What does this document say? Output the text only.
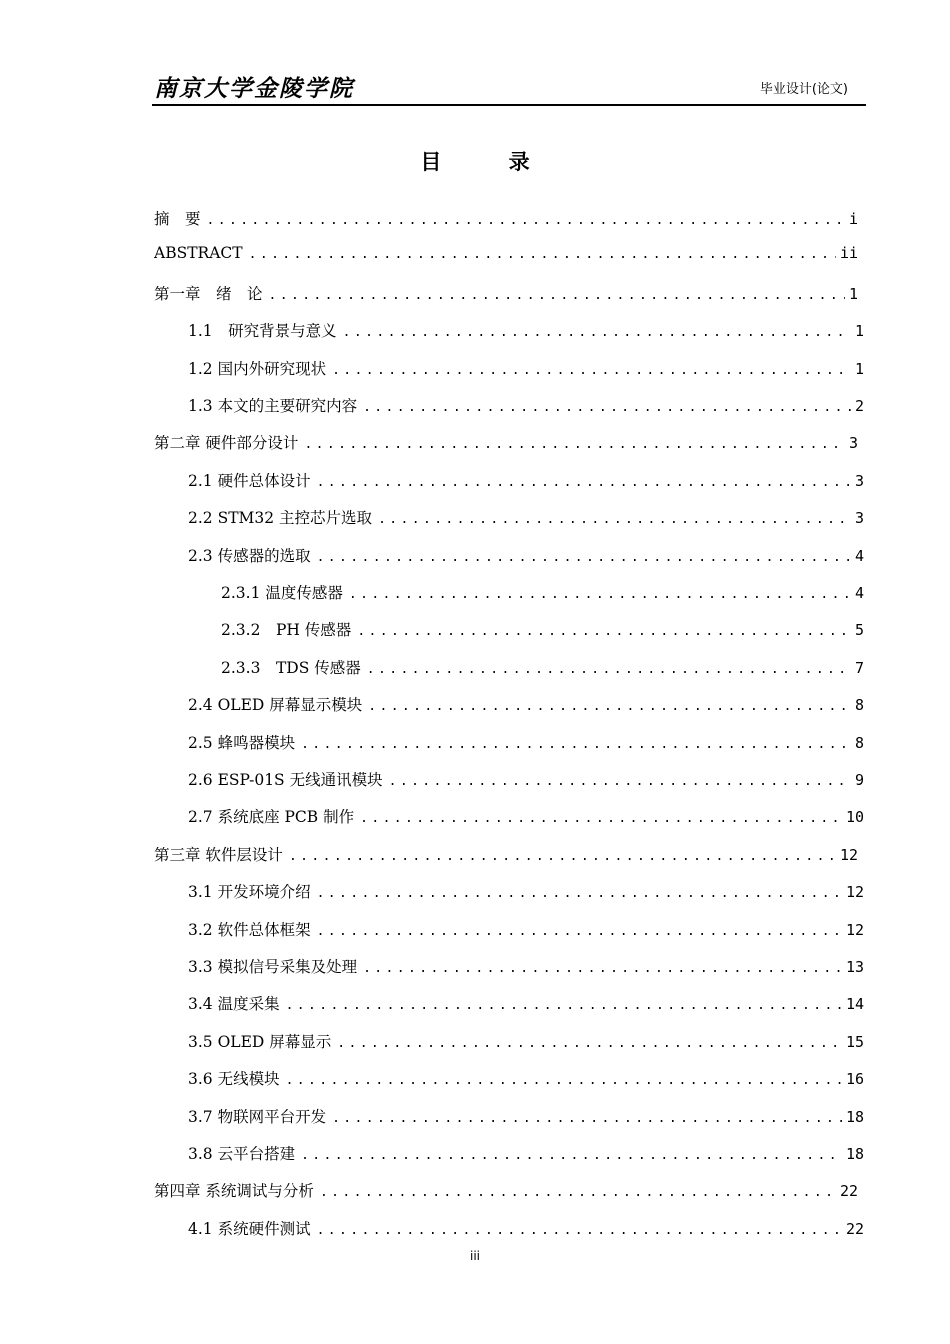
南京大学金陵学院	毕业设计(论文)
目 录
摘　要 .....	i
ABSTRACT .....	ii
第一章　绪　论 .....	1
1.1　研究背景与意义 .....	1
1.2 国内外研究现状 .....	1
1.3 本文的主要研究内容 .....	2
第二章 硬件部分设计 .....	3
2.1 硬件总体设计 .....	3
2.2 STM32 主控芯片选取 .....	3
2.3 传感器的选取 .....	4
2.3.1 温度传感器 .....	4
2.3.2　PH 传感器 .....	5
2.3.3　TDS 传感器 .....	7
2.4 OLED 屏幕显示模块 .....	8
2.5 蜂鸣器模块 .....	8
2.6 ESP-01S 无线通讯模块 .....	9
2.7 系统底座 PCB 制作 .....	10
第三章 软件层设计 .....	12
3.1 开发环境介绍 .....	12
3.2 软件总体框架 .....	12
3.3 模拟信号采集及处理 .....	13
3.4 温度采集 .....	14
3.5 OLED 屏幕显示 .....	15
3.6 无线模块 .....	16
3.7 物联网平台开发 .....	18
3.8 云平台搭建 .....	18
第四章 系统调试与分析 .....	22
4.1 系统硬件测试 .....	22
iii
